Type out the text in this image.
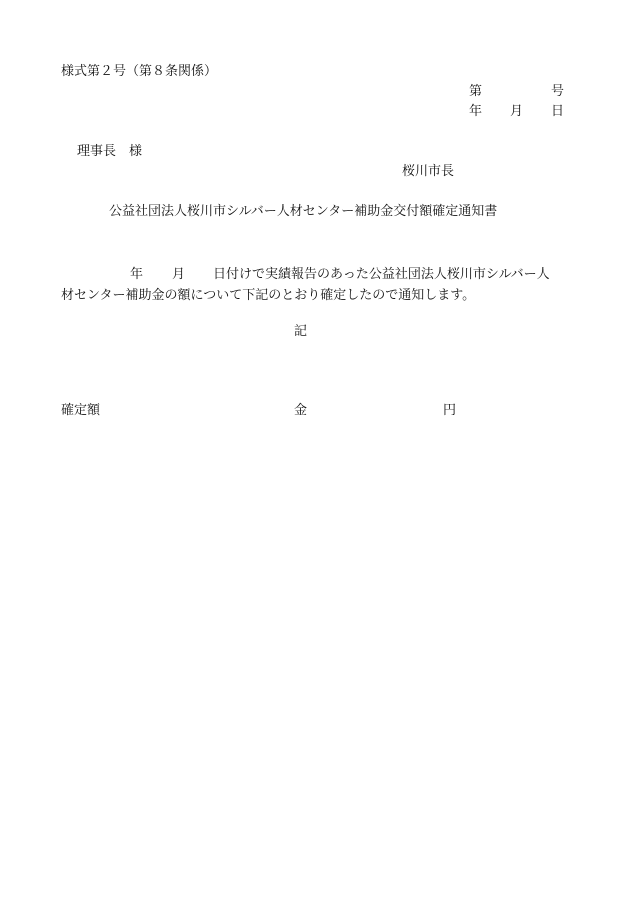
様式第２号（第８条関係）
第	号
年 月 日
理事長　様
桜川市長
公益社団法人桜川市シルバー人材センター補助金交付額確定通知書
年 月 日付けで実績報告のあった公益社団法人桜川市シルバー人
材センター補助金の額について下記のとおり確定したので通知します。
記
確定額	金	円
